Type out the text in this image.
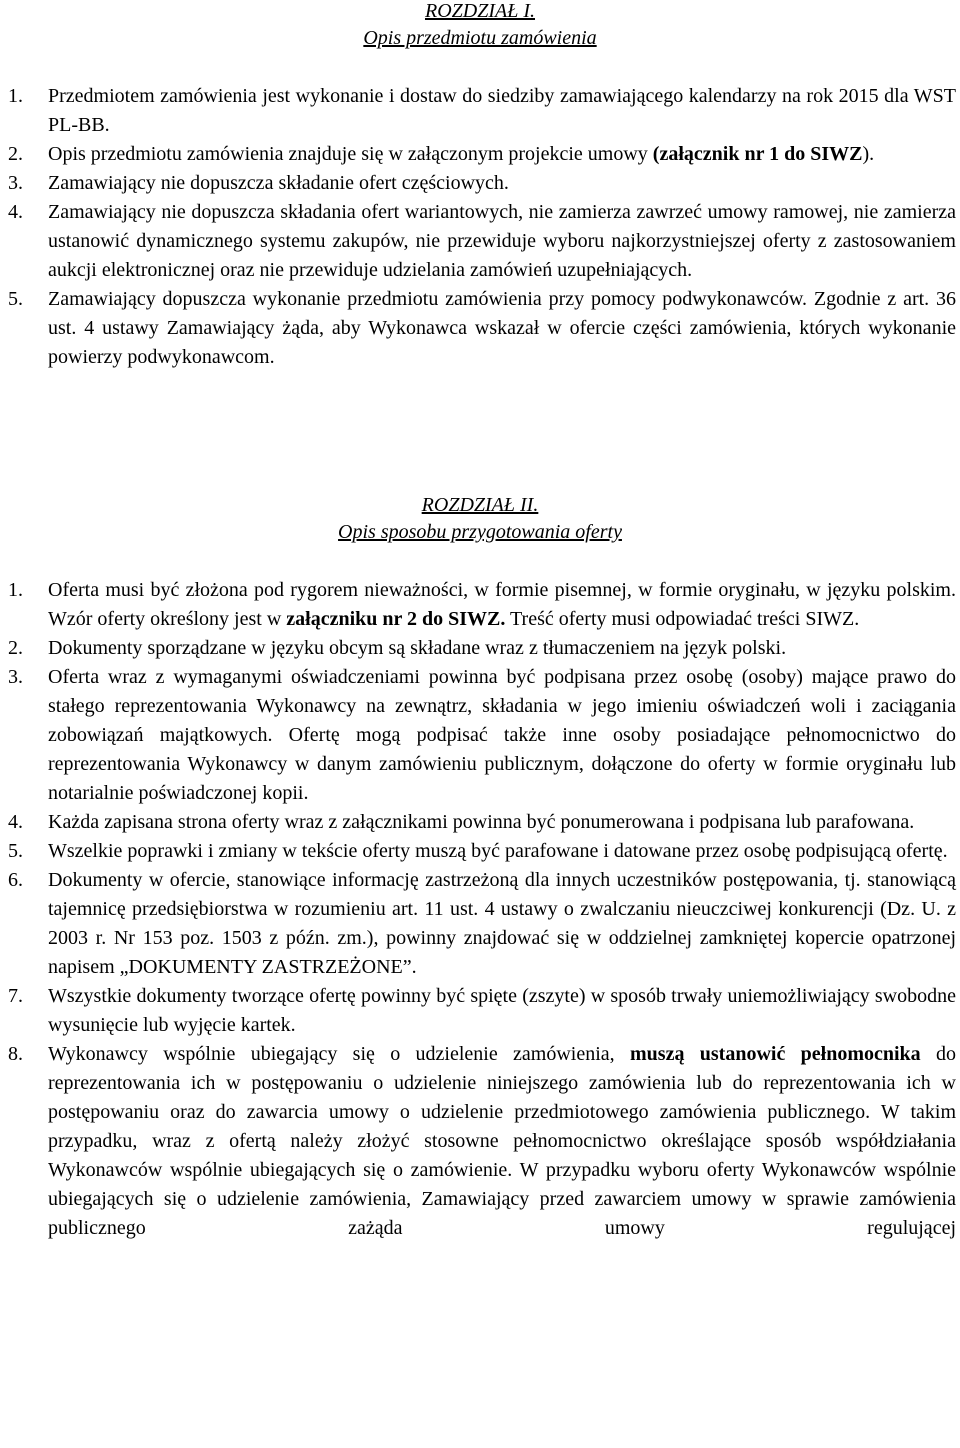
ROZDZIAŁ I.
Opis przedmiotu zamówienia
1. Przedmiotem zamówienia jest wykonanie i dostaw do siedziby zamawiającego kalendarzy na rok 2015 dla WST PL-BB.
2. Opis przedmiotu zamówienia znajduje się w załączonym projekcie umowy (załącznik nr 1 do SIWZ).
3. Zamawiający nie dopuszcza składanie ofert częściowych.
4. Zamawiający nie dopuszcza składania ofert wariantowych, nie zamierza zawrzeć umowy ramowej, nie zamierza ustanowić dynamicznego systemu zakupów, nie przewiduje wyboru najkorzystniejszej oferty z zastosowaniem aukcji elektronicznej oraz nie przewiduje udzielania zamówień uzupełniających.
5. Zamawiający dopuszcza wykonanie przedmiotu zamówienia przy pomocy podwykonawców. Zgodnie z art. 36 ust. 4 ustawy Zamawiający żąda, aby Wykonawca wskazał w ofercie części zamówienia, których wykonanie powierzy podwykonawcom.
ROZDZIAŁ II.
Opis sposobu przygotowania oferty
1. Oferta musi być złożona pod rygorem nieważności, w formie pisemnej, w formie oryginału, w języku polskim. Wzór oferty określony jest w załączniku nr 2 do SIWZ. Treść oferty musi odpowiadać treści SIWZ.
2. Dokumenty sporządzane w języku obcym są składane wraz z tłumaczeniem na język polski.
3. Oferta wraz z wymaganymi oświadczeniami powinna być podpisana przez osobę (osoby) mające prawo do stałego reprezentowania Wykonawcy na zewnątrz, składania w jego imieniu oświadczeń woli i zaciągania zobowiązań majątkowych. Ofertę mogą podpisać także inne osoby posiadające pełnomocnictwo do reprezentowania Wykonawcy w danym zamówieniu publicznym, dołączone do oferty w formie oryginału lub notarialnie poświadczonej kopii.
4. Każda zapisana strona oferty wraz z załącznikami powinna być ponumerowana i podpisana lub parafowana.
5. Wszelkie poprawki i zmiany w tekście oferty muszą być parafowane i datowane przez osobę podpisującą ofertę.
6. Dokumenty w ofercie, stanowiące informację zastrzeżoną dla innych uczestników postępowania, tj. stanowiącą tajemnicę przedsiębiorstwa w rozumieniu art. 11 ust. 4 ustawy o zwalczaniu nieuczciwej konkurencji (Dz. U. z 2003 r. Nr 153 poz. 1503 z późn. zm.), powinny znajdować się w oddzielnej zamkniętej kopercie opatrzonej napisem „DOKUMENTY ZASTRZEŻONE”.
7. Wszystkie dokumenty tworzące ofertę powinny być spięte (zszyte) w sposób trwały uniemożliwiający swobodne wysunięcie lub wyjęcie kartek.
8. Wykonawcy wspólnie ubiegający się o udzielenie zamówienia, muszą ustanowić pełnomocnika do reprezentowania ich w postępowaniu o udzielenie niniejszego zamówienia lub do reprezentowania ich w postępowaniu oraz do zawarcia umowy o udzielenie przedmiotowego zamówienia publicznego. W takim przypadku, wraz z ofertą należy złożyć stosowne pełnomocnictwo określające sposób współdziałania Wykonawców wspólnie ubiegających się o zamówienie. W przypadku wyboru oferty Wykonawców wspólnie ubiegających się o udzielenie zamówienia, Zamawiający przed zawarciem umowy w sprawie zamówienia publicznego zażąda umowy regulującej
